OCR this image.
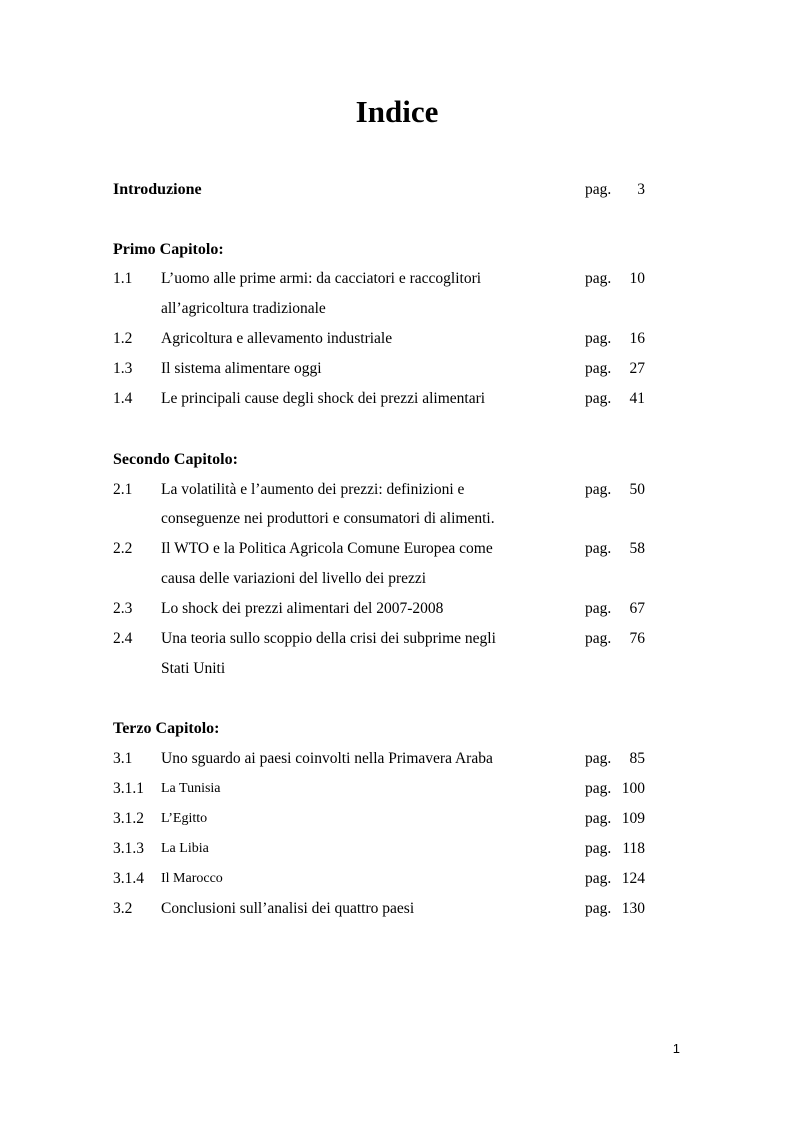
Indice
Introduzione	pag. 3
Primo Capitolo:
1.1 L’uomo alle prime armi: da cacciatori e raccoglitori	pag. 10
all’agricoltura tradizionale
1.2 Agricoltura e allevamento industriale	pag. 16
1.3 Il sistema alimentare oggi	pag. 27
1.4 Le principali cause degli shock dei prezzi alimentari	pag. 41
Secondo Capitolo:
2.1 La volatilità e l’aumento dei prezzi: definizioni e	pag. 50
conseguenze nei produttori e consumatori di alimenti.
2.2 Il WTO e la Politica Agricola Comune Europea come	pag. 58
causa delle variazioni del livello dei prezzi
2.3 Lo shock dei prezzi alimentari del 2007-2008	pag. 67
2.4 Una teoria sullo scoppio della crisi dei subprime negli	pag. 76
Stati Uniti
Terzo Capitolo:
3.1 Uno sguardo ai paesi coinvolti nella Primavera Araba	pag. 85
3.1.1 La Tunisia	pag. 100
3.1.2 L’Egitto	pag. 109
3.1.3 La Libia	pag. 118
3.1.4 Il Marocco	pag. 124
3.2 Conclusioni sull’analisi dei quattro paesi	pag. 130
1
